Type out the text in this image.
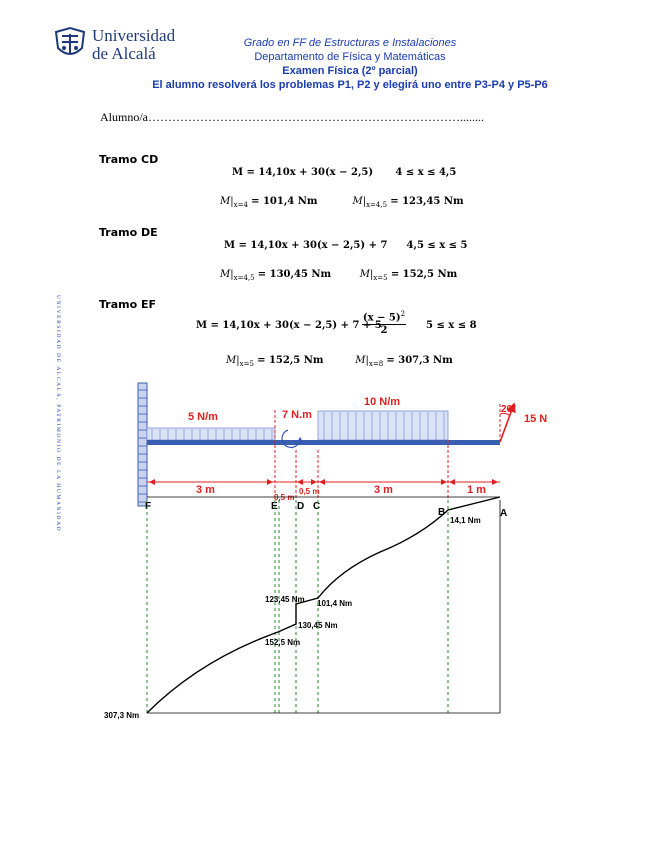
Universidad
de Alcalá
Grado en FF de Estructuras e Instalaciones
Departamento de Física y Matemáticas
Examen Física (2º parcial)
El alumno resolverá los problemas P1, P2 y elegirá uno entre P3-P4 y P5-P6
Alumno/a……………………………………………………………………........
UNIVERSIDAD DE ALCALÁ, PATRIMONIO DE LA HUMANIDAD
Tramo CD
M = 14,10x + 30(x − 2,5) 4 ≤ x ≤ 4,5
$M|_{x=4} = 101,4$ Nm	$M|_{x=4,5} = 123,45$ Nm
Tramo DE
M = 14,10x + 30(x − 2,5) + 7 4,5 ≤ x ≤ 5
$M|_{x=4,5} = 130,45$ Nm	$M|_{x=5} = 152,5$ Nm
Tramo EF
M = 14,10x + 30(x − 2,5) + 7 + 5
$(x - 5)^2$
2	5 ≤ x ≤ 8
$M|_{x=5} = 152,5$ Nm	$M|_{x=8} = 307,3$ Nm
5 N/m
10 N/m
7 N.m	20º
15 N
3 m
0,5 m
0,5 m	3 m	1 m
F	E D C
B	A
14,1 Nm
101,4 Nm
123,45 Nm
130,45 Nm
152,5 Nm
307,3 Nm
